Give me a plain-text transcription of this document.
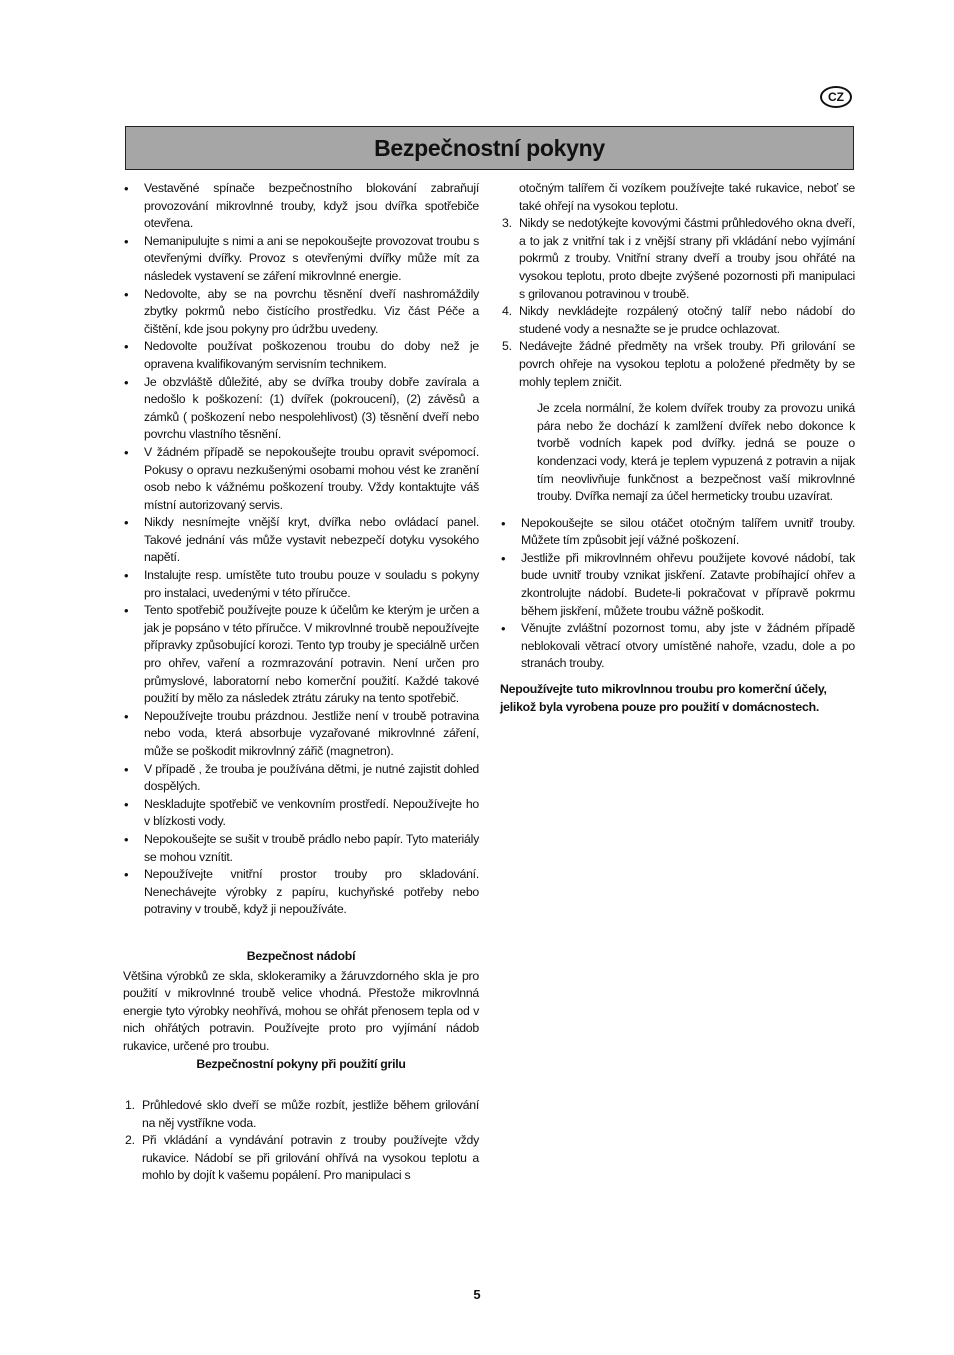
CZ
Bezpečnostní pokyny
• Vestavěné spínače bezpečnostního blokování zabraňují provozování mikrovlnné trouby, když jsou dvířka spotřebiče otevřena.
• Nemanipulujte s nimi a ani se nepokoušejte provozovat troubu s otevřenými dvířky. Provoz s otevřenými dvířky může mít za následek vystavení se záření mikrovlnné energie.
• Nedovolte, aby se na povrchu těsnění dveří nashromáždily zbytky pokrmů nebo čistícího prostředku. Viz část Péče a čištění, kde jsou pokyny pro údržbu uvedeny.
• Nedovolte používat poškozenou troubu do doby než je opravena kvalifikovaným servisním technikem.
• Je obzvláště důležité, aby se dvířka trouby dobře zavírala a nedošlo k poškození: (1) dvířek (pokroucení), (2) závěsů a zámků ( poškození nebo nespolehlivost) (3) těsnění dveří nebo povrchu vlastního těsnění.
• V žádném případě se nepokoušejte troubu opravit svépomocí. Pokusy o opravu nezkušenými osobami mohou vést ke zranění osob nebo k vážnému poškození trouby. Vždy kontaktujte váš místní autorizovaný servis.
• Nikdy nesnímejte vnější kryt, dvířka nebo ovládací panel. Takové jednání vás může vystavit nebezpečí dotyku vysokého napětí.
• Instalujte resp. umístěte tuto troubu pouze v souladu s pokyny pro instalaci, uvedenými v této příručce.
• Tento spotřebič používejte pouze k účelům ke kterým je určen a jak je popsáno v této příručce. V mikrovlnné troubě nepoužívejte přípravky způsobující korozi. Tento typ trouby je speciálně určen pro ohřev, vaření a rozmrazování potravin. Není určen pro průmyslové, laboratorní nebo komerční použití. Každé takové použití by mělo za následek ztrátu záruky na tento spotřebič.
• Nepoužívejte troubu prázdnou. Jestliže není v troubě potravina nebo voda, která absorbuje vyzařované mikrovlnné záření, může se poškodit mikrovlnný zářič (magnetron).
• V případě , že trouba je používána dětmi, je nutné zajistit dohled dospělých.
• Neskladujte spotřebič ve venkovním prostředí. Nepoužívejte ho v blízkosti vody.
• Nepokoušejte se sušit v troubě prádlo nebo papír. Tyto materiály se mohou vznítit.
• Nepoužívejte vnitřní prostor trouby pro skladování. Nenechávejte výrobky z papíru, kuchyňské potřeby nebo potraviny v troubě, když ji nepoužíváte.

Bezpečnost nádobí

Většina výrobků ze skla, sklokeramiky a žáruvzdorného skla je pro použití v mikrovlnné troubě velice vhodná. Přestože mikrovlnná energie tyto výrobky neohřívá, mohou se ohřát přenosem tepla od v nich ohřátých potravin. Používejte proto pro vyjímání nádob rukavice, určené pro troubu.

Bezpečnostní pokyny při použití grilu

1. Průhledové sklo dveří se může rozbít, jestliže během grilování na něj vystříkne voda.
2. Při vkládání a vyndávání potravin z trouby používejte vždy rukavice. Nádobí se při grilování ohřívá na vysokou teplotu a mohlo by dojít k vašemu popálení. Pro manipulaci s
otočným talířem či vozíkem používejte také rukavice, neboť se také ohřejí na vysokou teplotu.
3. Nikdy se nedotýkejte kovovými částmi průhledového okna dveří, a to jak z vnitřní tak i z vnější strany při vkládání nebo vyjímání pokrmů z trouby. Vnitřní strany dveří a trouby jsou ohřáté na vysokou teplotu, proto dbejte zvýšené pozornosti při manipulaci s grilovanou potravinou v troubě.
4. Nikdy nevkládejte rozpálený otočný talíř nebo nádobí do studené vody a nesnažte se je prudce ochlazovat.
5. Nedávejte žádné předměty na vršek trouby. Při grilování se povrch ohřeje na vysokou teplotu a položené předměty by se mohly teplem zničit.

Je zcela normální, že kolem dvířek trouby za provozu uniká pára nebo že dochází k zamlžení dvířek nebo dokonce k tvorbě vodních kapek pod dvířky. jedná se pouze o kondenzaci vody, která je teplem vypuzená z potravin a nijak tím neovlivňuje funkčnost a bezpečnost vaší mikrovlnné trouby. Dvířka nemají za účel hermeticky troubu uzavírat.

• Nepokoušejte se silou otáčet otočným talířem uvnitř trouby. Můžete tím způsobit její vážné poškození.
• Jestliže při mikrovlnném ohřevu použijete kovové nádobí, tak bude uvnitř trouby vznikat jiskření. Zatavte probíhající ohřev a zkontrolujte nádobí. Budete-li pokračovat v přípravě pokrmu během jiskření, můžete troubu vážně poškodit.
• Věnujte zvláštní pozornost tomu, aby jste v žádném případě neblokovali větrací otvory umístěné nahoře, vzadu, dole a po stranách trouby.

Nepoužívejte tuto mikrovlnnou troubu pro komerční účely, jelikož byla vyrobena pouze pro použití v domácnostech.

5
